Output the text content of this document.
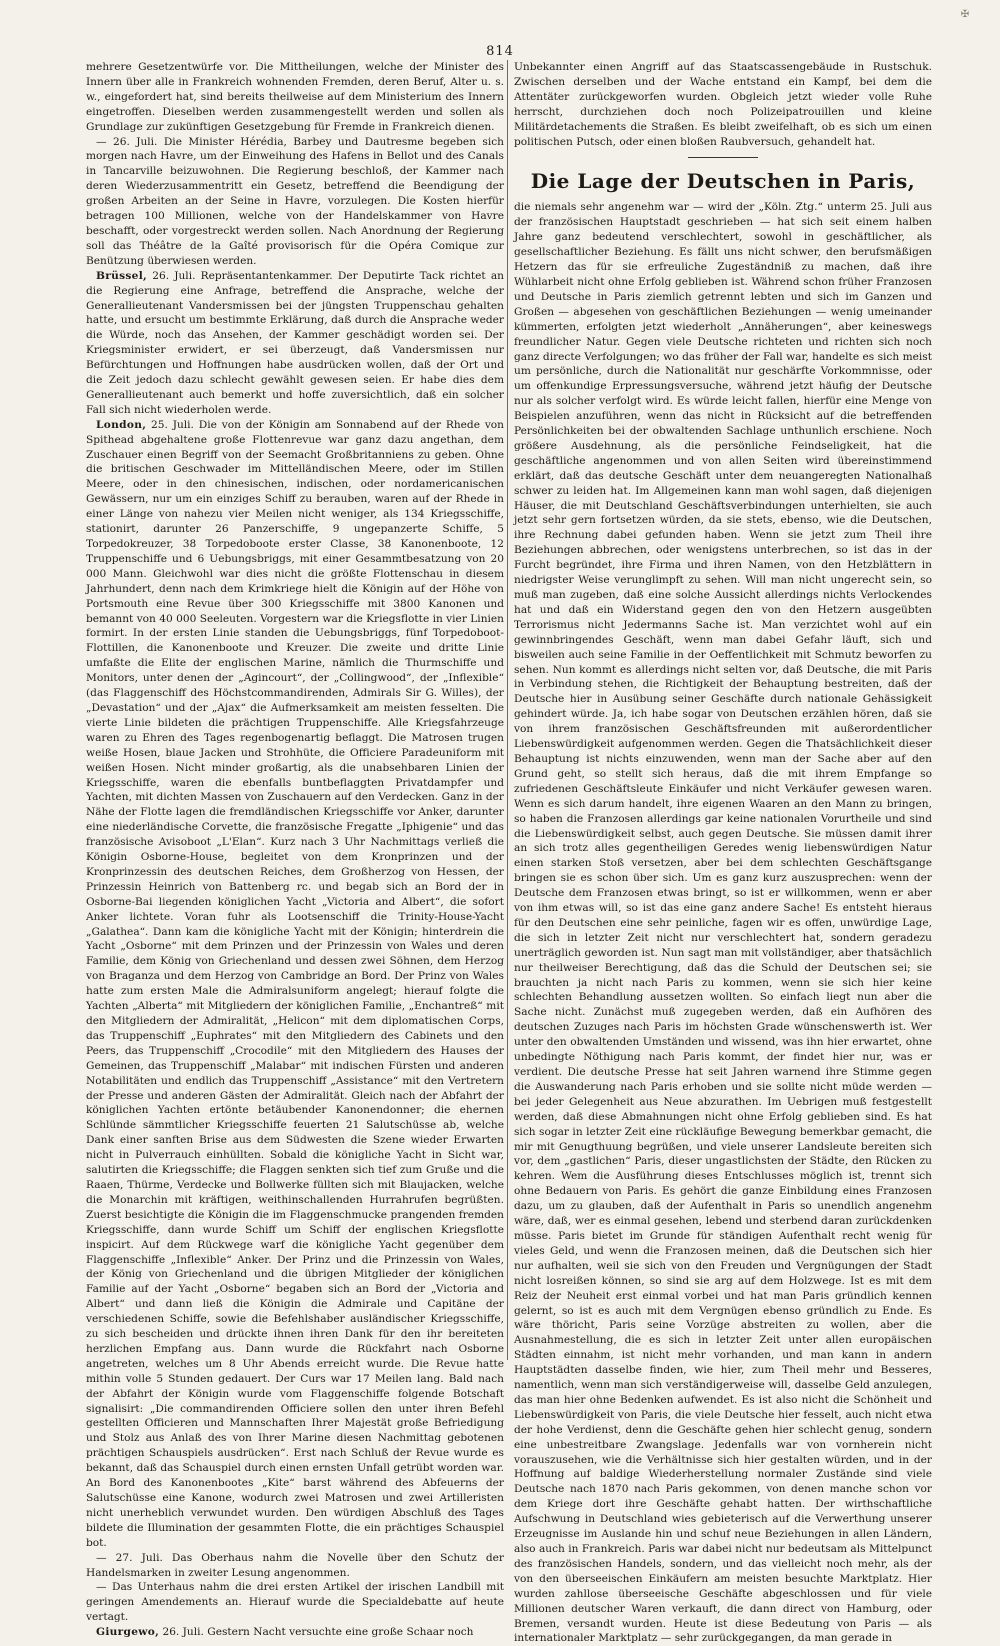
✠
814

mehrere Gesetzentwürfe vor. Die Mittheilungen, welche der Minister des Innern über alle in Frankreich wohnenden Fremden, deren Beruf, Alter u. s. w., eingefordert hat, sind bereits theilweise auf dem Ministerium des Innern eingetroffen. Dieselben werden zusammengestellt werden und sollen als Grundlage zur zukünftigen Gesetzgebung für Fremde in Frankreich dienen.

— 26. Juli. Die Minister Hérédia, Barbey und Dautresme begeben sich morgen nach Havre, um der Einweihung des Hafens in Bellot und des Canals in Tancarville beizuwohnen. Die Regierung beschloß, der Kammer nach deren Wiederzusammentritt ein Gesetz, betreffend die Beendigung der großen Arbeiten an der Seine in Havre, vorzulegen. Die Kosten hierfür betragen 100 Millionen, welche von der Handelskammer von Havre beschafft, oder vorgestreckt werden sollen. Nach Anordnung der Regierung soll das Théâtre de la Gaîté provisorisch für die Opéra Comique zur Benützung überwiesen werden.

Brüssel, 26. Juli. Repräsentantenkammer. Der Deputirte Tack richtet an die Regierung eine Anfrage, betreffend die Ansprache, welche der Generallieutenant Vandersmissen bei der jüngsten Truppenschau gehalten hatte, und ersucht um bestimmte Erklärung, daß durch die Ansprache weder die Würde, noch das Ansehen, der Kammer geschädigt worden sei. Der Kriegsminister erwidert, er sei überzeugt, daß Vandersmissen nur Befürchtungen und Hoffnungen habe ausdrücken wollen, daß der Ort und die Zeit jedoch dazu schlecht gewählt gewesen seien. Er habe dies dem Generallieutenant auch bemerkt und hoffe zuversichtlich, daß ein solcher Fall sich nicht wiederholen werde.

London, 25. Juli. Die von der Königin am Sonnabend auf der Rhede von Spithead abgehaltene große Flottenrevue war ganz dazu angethan, dem Zuschauer einen Begriff von der Seemacht Großbritanniens zu geben. Ohne die britischen Geschwader im Mittelländischen Meere, oder im Stillen Meere, oder in den chinesischen, indischen, oder nordamericanischen Gewässern, nur um ein einziges Schiff zu berauben, waren auf der Rhede in einer Länge von nahezu vier Meilen nicht weniger, als 134 Kriegsschiffe, stationirt, darunter 26 Panzerschiffe, 9 ungepanzerte Schiffe, 5 Torpedokreuzer, 38 Torpedoboote erster Classe, 38 Kanonenboote, 12 Truppenschiffe und 6 Uebungsbriggs, mit einer Gesammtbesatzung von 20 000 Mann. Gleichwohl war dies nicht die größte Flottenschau in diesem Jahrhundert, denn nach dem Krimkriege hielt die Königin auf der Höhe von Portsmouth eine Revue über 300 Kriegsschiffe mit 3800 Kanonen und bemannt von 40 000 Seeleuten. Vorgestern war die Kriegsflotte in vier Linien formirt. In der ersten Linie standen die Uebungsbriggs, fünf Torpedoboot-Flottillen, die Kanonenboote und Kreuzer. Die zweite und dritte Linie umfaßte die Elite der englischen Marine, nämlich die Thurmschiffe und Monitors, unter denen der „Agincourt“, der „Collingwood“, der „Inflexible“ (das Flaggenschiff des Höchstcommandirenden, Admirals Sir G. Willes), der „Devastation“ und der „Ajax“ die Aufmerksamkeit am meisten fesselten. Die vierte Linie bildeten die prächtigen Truppenschiffe. Alle Kriegsfahrzeuge waren zu Ehren des Tages regenbogenartig beflaggt. Die Matrosen trugen weiße Hosen, blaue Jacken und Strohhüte, die Officiere Paradeuniform mit weißen Hosen. Nicht minder großartig, als die unabsehbaren Linien der Kriegsschiffe, waren die ebenfalls buntbeflaggten Privatdampfer und Yachten, mit dichten Massen von Zuschauern auf den Verdecken. Ganz in der Nähe der Flotte lagen die fremdländischen Kriegsschiffe vor Anker, darunter eine niederländische Corvette, die französische Fregatte „Iphigenie“ und das französische Avisoboot „L'Elan“. Kurz nach 3 Uhr Nachmittags verließ die Königin Osborne-House, begleitet von dem Kronprinzen und der Kronprinzessin des deutschen Reiches, dem Großherzog von Hessen, der Prinzessin Heinrich von Battenberg rc. und begab sich an Bord der in Osborne-Bai liegenden königlichen Yacht „Victoria and Albert“, die sofort Anker lichtete. Voran fuhr als Lootsenschiff die Trinity-House-Yacht „Galathea“. Dann kam die königliche Yacht mit der Königin; hinterdrein die Yacht „Osborne“ mit dem Prinzen und der Prinzessin von Wales und deren Familie, dem König von Griechenland und dessen zwei Söhnen, dem Herzog von Braganza und dem Herzog von Cambridge an Bord. Der Prinz von Wales hatte zum ersten Male die Admiralsuniform angelegt; hierauf folgte die Yachten „Alberta“ mit Mitgliedern der königlichen Familie, „Enchantreß“ mit den Mitgliedern der Admiralität, „Helicon“ mit dem diplomatischen Corps, das Truppenschiff „Euphrates“ mit den Mitgliedern des Cabinets und den Peers, das Truppenschiff „Crocodile“ mit den Mitgliedern des Hauses der Gemeinen, das Truppenschiff „Malabar“ mit indischen Fürsten und anderen Notabilitäten und endlich das Truppenschiff „Assistance“ mit den Vertretern der Presse und anderen Gästen der Admiralität. Gleich nach der Abfahrt der königlichen Yachten ertönte betäubender Kanonendonner; die ehernen Schlünde sämmtlicher Kriegsschiffe feuerten 21 Salutschüsse ab, welche Dank einer sanften Brise aus dem Südwesten die Szene wieder Erwarten nicht in Pulverrauch einhüllten. Sobald die königliche Yacht in Sicht war, salutirten die Kriegsschiffe; die Flaggen senkten sich tief zum Gruße und die Raaen, Thürme, Verdecke und Bollwerke füllten sich mit Blaujacken, welche die Monarchin mit kräftigen, weithinschallenden Hurrahrufen begrüßten. Zuerst besichtigte die Königin die im Flaggenschmucke prangenden fremden Kriegsschiffe, dann wurde Schiff um Schiff der englischen Kriegsflotte inspicirt. Auf dem Rückwege warf die königliche Yacht gegenüber dem Flaggenschiffe „Inflexible“ Anker. Der Prinz und die Prinzessin von Wales, der König von Griechenland und die übrigen Mitglieder der königlichen Familie auf der Yacht „Osborne“ begaben sich an Bord der „Victoria and Albert“ und dann ließ die Königin die Admirale und Capitäne der verschiedenen Schiffe, sowie die Befehlshaber ausländischer Kriegsschiffe, zu sich bescheiden und drückte ihnen ihren Dank für den ihr bereiteten herzlichen Empfang aus. Dann wurde die Rückfahrt nach Osborne angetreten, welches um 8 Uhr Abends erreicht wurde. Die Revue hatte mithin volle 5 Stunden gedauert. Der Curs war 17 Meilen lang. Bald nach der Abfahrt der Königin wurde vom Flaggenschiffe folgende Botschaft signalisirt: „Die commandirenden Officiere sollen den unter ihren Befehl gestellten Officieren und Mannschaften Ihrer Majestät große Befriedigung und Stolz aus Anlaß des von Ihrer Marine diesen Nachmittag gebotenen prächtigen Schauspiels ausdrücken“. Erst nach Schluß der Revue wurde es bekannt, daß das Schauspiel durch einen ernsten Unfall getrübt worden war. An Bord des Kanonenbootes „Kite“ barst während des Abfeuerns der Salutschüsse eine Kanone, wodurch zwei Matrosen und zwei Artilleristen nicht unerheblich verwundet wurden. Den würdigen Abschluß des Tages bildete die Illumination der gesammten Flotte, die ein prächtiges Schauspiel bot.

— 27. Juli. Das Oberhaus nahm die Novelle über den Schutz der Handelsmarken in zweiter Lesung angenommen.

— Das Unterhaus nahm die drei ersten Artikel der irischen Landbill mit geringen Amendements an. Hierauf wurde die Specialdebatte auf heute vertagt.

Giurgewo, 26. Juli. Gestern Nacht versuchte eine große Schaar noch

Unbekannter einen Angriff auf das Staatscassengebäude in Rustschuk. Zwischen derselben und der Wache entstand ein Kampf, bei dem die Attentäter zurückgeworfen wurden. Obgleich jetzt wieder volle Ruhe herrscht, durchziehen doch noch Polizeipatrouillen und kleine Militärdetachements die Straßen. Es bleibt zweifelhaft, ob es sich um einen politischen Putsch, oder einen bloßen Raubversuch, gehandelt hat.

Die Lage der Deutschen in Paris,

die niemals sehr angenehm war — wird der „Köln. Ztg.“ unterm 25. Juli aus der französischen Hauptstadt geschrieben — hat sich seit einem halben Jahre ganz bedeutend verschlechtert, sowohl in geschäftlicher, als gesellschaftlicher Beziehung. Es fällt uns nicht schwer, den berufsmäßigen Hetzern das für sie erfreuliche Zugeständniß zu machen, daß ihre Wühlarbeit nicht ohne Erfolg geblieben ist. Während schon früher Franzosen und Deutsche in Paris ziemlich getrennt lebten und sich im Ganzen und Großen — abgesehen von geschäftlichen Beziehungen — wenig umeinander kümmerten, erfolgten jetzt wiederholt „Annäherungen“, aber keineswegs freundlicher Natur. Gegen viele Deutsche richteten und richten sich noch ganz directe Verfolgungen; wo das früher der Fall war, handelte es sich meist um persönliche, durch die Nationalität nur geschärfte Vorkommnisse, oder um offenkundige Erpressungsversuche, während jetzt häufig der Deutsche nur als solcher verfolgt wird. Es würde leicht fallen, hierfür eine Menge von Beispielen anzuführen, wenn das nicht in Rücksicht auf die betreffenden Persönlichkeiten bei der obwaltenden Sachlage unthunlich erschiene. Noch größere Ausdehnung, als die persönliche Feindseligkeit, hat die geschäftliche angenommen und von allen Seiten wird übereinstimmend erklärt, daß das deutsche Geschäft unter dem neuangeregten Nationalhaß schwer zu leiden hat. Im Allgemeinen kann man wohl sagen, daß diejenigen Häuser, die mit Deutschland Geschäftsverbindungen unterhielten, sie auch jetzt sehr gern fortsetzen würden, da sie stets, ebenso, wie die Deutschen, ihre Rechnung dabei gefunden haben. Wenn sie jetzt zum Theil ihre Beziehungen abbrechen, oder wenigstens unterbrechen, so ist das in der Furcht begründet, ihre Firma und ihren Namen, von den Hetzblättern in niedrigster Weise verunglimpft zu sehen. Will man nicht ungerecht sein, so muß man zugeben, daß eine solche Aussicht allerdings nichts Verlockendes hat und daß ein Widerstand gegen den von den Hetzern ausgeübten Terrorismus nicht Jedermanns Sache ist. Man verzichtet wohl auf ein gewinnbringendes Geschäft, wenn man dabei Gefahr läuft, sich und bisweilen auch seine Familie in der Oeffentlichkeit mit Schmutz beworfen zu sehen. Nun kommt es allerdings nicht selten vor, daß Deutsche, die mit Paris in Verbindung stehen, die Richtigkeit der Behauptung bestreiten, daß der Deutsche hier in Ausübung seiner Geschäfte durch nationale Gehässigkeit gehindert würde. Ja, ich habe sogar von Deutschen erzählen hören, daß sie von ihrem französischen Geschäftsfreunden mit außerordentlicher Liebenswürdigkeit aufgenommen werden. Gegen die Thatsächlichkeit dieser Behauptung ist nichts einzuwenden, wenn man der Sache aber auf den Grund geht, so stellt sich heraus, daß die mit ihrem Empfange so zufriedenen Geschäftsleute Einkäufer und nicht Verkäufer gewesen waren. Wenn es sich darum handelt, ihre eigenen Waaren an den Mann zu bringen, so haben die Franzosen allerdings gar keine nationalen Vorurtheile und sind die Liebenswürdigkeit selbst, auch gegen Deutsche. Sie müssen damit ihrer an sich trotz alles gegentheiligen Geredes wenig liebenswürdigen Natur einen starken Stoß versetzen, aber bei dem schlechten Geschäftsgange bringen sie es schon über sich. Um es ganz kurz auszusprechen: wenn der Deutsche dem Franzosen etwas bringt, so ist er willkommen, wenn er aber von ihm etwas will, so ist das eine ganz andere Sache! Es entsteht hieraus für den Deutschen eine sehr peinliche, fagen wir es offen, unwürdige Lage, die sich in letzter Zeit nicht nur verschlechtert hat, sondern geradezu unerträglich geworden ist. Nun sagt man mit vollständiger, aber thatsächlich nur theilweiser Berechtigung, daß das die Schuld der Deutschen sei; sie brauchten ja nicht nach Paris zu kommen, wenn sie sich hier keine schlechten Behandlung aussetzen wollten. So einfach liegt nun aber die Sache nicht. Zunächst muß zugegeben werden, daß ein Aufhören des deutschen Zuzuges nach Paris im höchsten Grade wünschenswerth ist. Wer unter den obwaltenden Umständen und wissend, was ihn hier erwartet, ohne unbedingte Nöthigung nach Paris kommt, der findet hier nur, was er verdient. Die deutsche Presse hat seit Jahren warnend ihre Stimme gegen die Auswanderung nach Paris erhoben und sie sollte nicht müde werden — bei jeder Gelegenheit aus Neue abzurathen. Im Uebrigen muß festgestellt werden, daß diese Abmahnungen nicht ohne Erfolg geblieben sind. Es hat sich sogar in letzter Zeit eine rückläufige Bewegung bemerkbar gemacht, die mir mit Genugthuung begrüßen, und viele unserer Landsleute bereiten sich vor, dem „gastlichen“ Paris, dieser ungastlichsten der Städte, den Rücken zu kehren. Wem die Ausführung dieses Entschlusses möglich ist, trennt sich ohne Bedauern von Paris. Es gehört die ganze Einbildung eines Franzosen dazu, um zu glauben, daß der Aufenthalt in Paris so unendlich angenehm wäre, daß, wer es einmal gesehen, lebend und sterbend daran zurückdenken müsse. Paris bietet im Grunde für ständigen Aufenthalt recht wenig für vieles Geld, und wenn die Franzosen meinen, daß die Deutschen sich hier nur aufhalten, weil sie sich von den Freuden und Vergnügungen der Stadt nicht losreißen können, so sind sie arg auf dem Holzwege. Ist es mit dem Reiz der Neuheit erst einmal vorbei und hat man Paris gründlich kennen gelernt, so ist es auch mit dem Vergnügen ebenso gründlich zu Ende. Es wäre thöricht, Paris seine Vorzüge abstreiten zu wollen, aber die Ausnahmestellung, die es sich in letzter Zeit unter allen europäischen Städten einnahm, ist nicht mehr vorhanden, und man kann in andern Hauptstädten dasselbe finden, wie hier, zum Theil mehr und Besseres, namentlich, wenn man sich verständigerweise will, dasselbe Geld anzulegen, das man hier ohne Bedenken aufwendet. Es ist also nicht die Schönheit und Liebenswürdigkeit von Paris, die viele Deutsche hier fesselt, auch nicht etwa der hohe Verdienst, denn die Geschäfte gehen hier schlecht genug, sondern eine unbestreitbare Zwangslage. Jedenfalls war von vornherein nicht vorauszusehen, wie die Verhältnisse sich hier gestalten würden, und in der Hoffnung auf baldige Wiederherstellung normaler Zustände sind viele Deutsche nach 1870 nach Paris gekommen, von denen manche schon vor dem Kriege dort ihre Geschäfte gehabt hatten. Der wirthschaftliche Aufschwung in Deutschland wies gebieterisch auf die Verwerthung unserer Erzeugnisse im Auslande hin und schuf neue Beziehungen in allen Ländern, also auch in Frankreich. Paris war dabei nicht nur bedeutsam als Mittelpunct des französischen Handels, sondern, und das vielleicht noch mehr, als der von den überseeischen Einkäufern am meisten besuchte Marktplatz. Hier wurden zahllose überseeische Geschäfte abgeschlossen und für viele Millionen deutscher Waren verkauft, die dann direct von Hamburg, oder Bremen, versandt wurden. Heute ist diese Bedeutung von Paris — als internationaler Marktplatz — sehr zurückgegangen, da man gerade in
